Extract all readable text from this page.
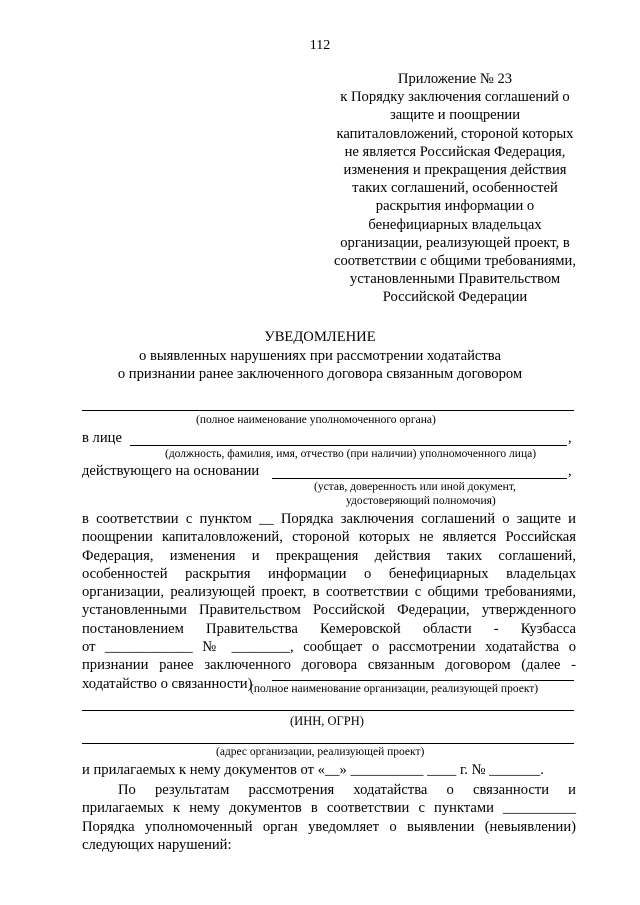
112
Приложение № 23
к Порядку заключения соглашений о
защите и поощрении
капиталовложений, стороной которых
не является Российская Федерация,
изменения и прекращения действия
таких соглашений, особенностей
раскрытия информации о
бенефициарных владельцах
организации, реализующей проект, в
соответствии с общими требованиями,
установленными Правительством
Российской Федерации
УВЕДОМЛЕНИЕ
о выявленных нарушениях при рассмотрении ходатайства
о признании ранее заключенного договора связанным договором
(полное наименование уполномоченного органа)
в лице	,
(должность, фамилия, имя, отчество (при наличии) уполномоченного лица)
действующего на основании	,
(устав, доверенность или иной документ,
удостоверяющий полномочия)
в соответствии с пунктом __ Порядка заключения соглашений о защите и
поощрении капиталовложений, стороной которых не является Российская
Федерация, изменения и прекращения действия таких соглашений,
особенностей раскрытия информации о бенефициарных владельцах
организации, реализующей проект, в соответствии с общими требованиями,
установленными Правительством Российской Федерации, утвержденного
постановлением Правительства Кемеровской области - Кузбасса
от ____________ № ________, сообщает о рассмотрении ходатайства о
признании ранее заключенного договора связанным договором (далее -
ходатайство о связанности)
(полное наименование организации, реализующей проект)
(ИНН, ОГРН)
(адрес организации, реализующей проект)
и прилагаемых к нему документов от «__» __________ ____ г. № _______.
По результатам рассмотрения ходатайства о связанности и
прилагаемых к нему документов в соответствии с пунктами __________
Порядка уполномоченный орган уведомляет о выявлении (невыявлении)
следующих нарушений:
